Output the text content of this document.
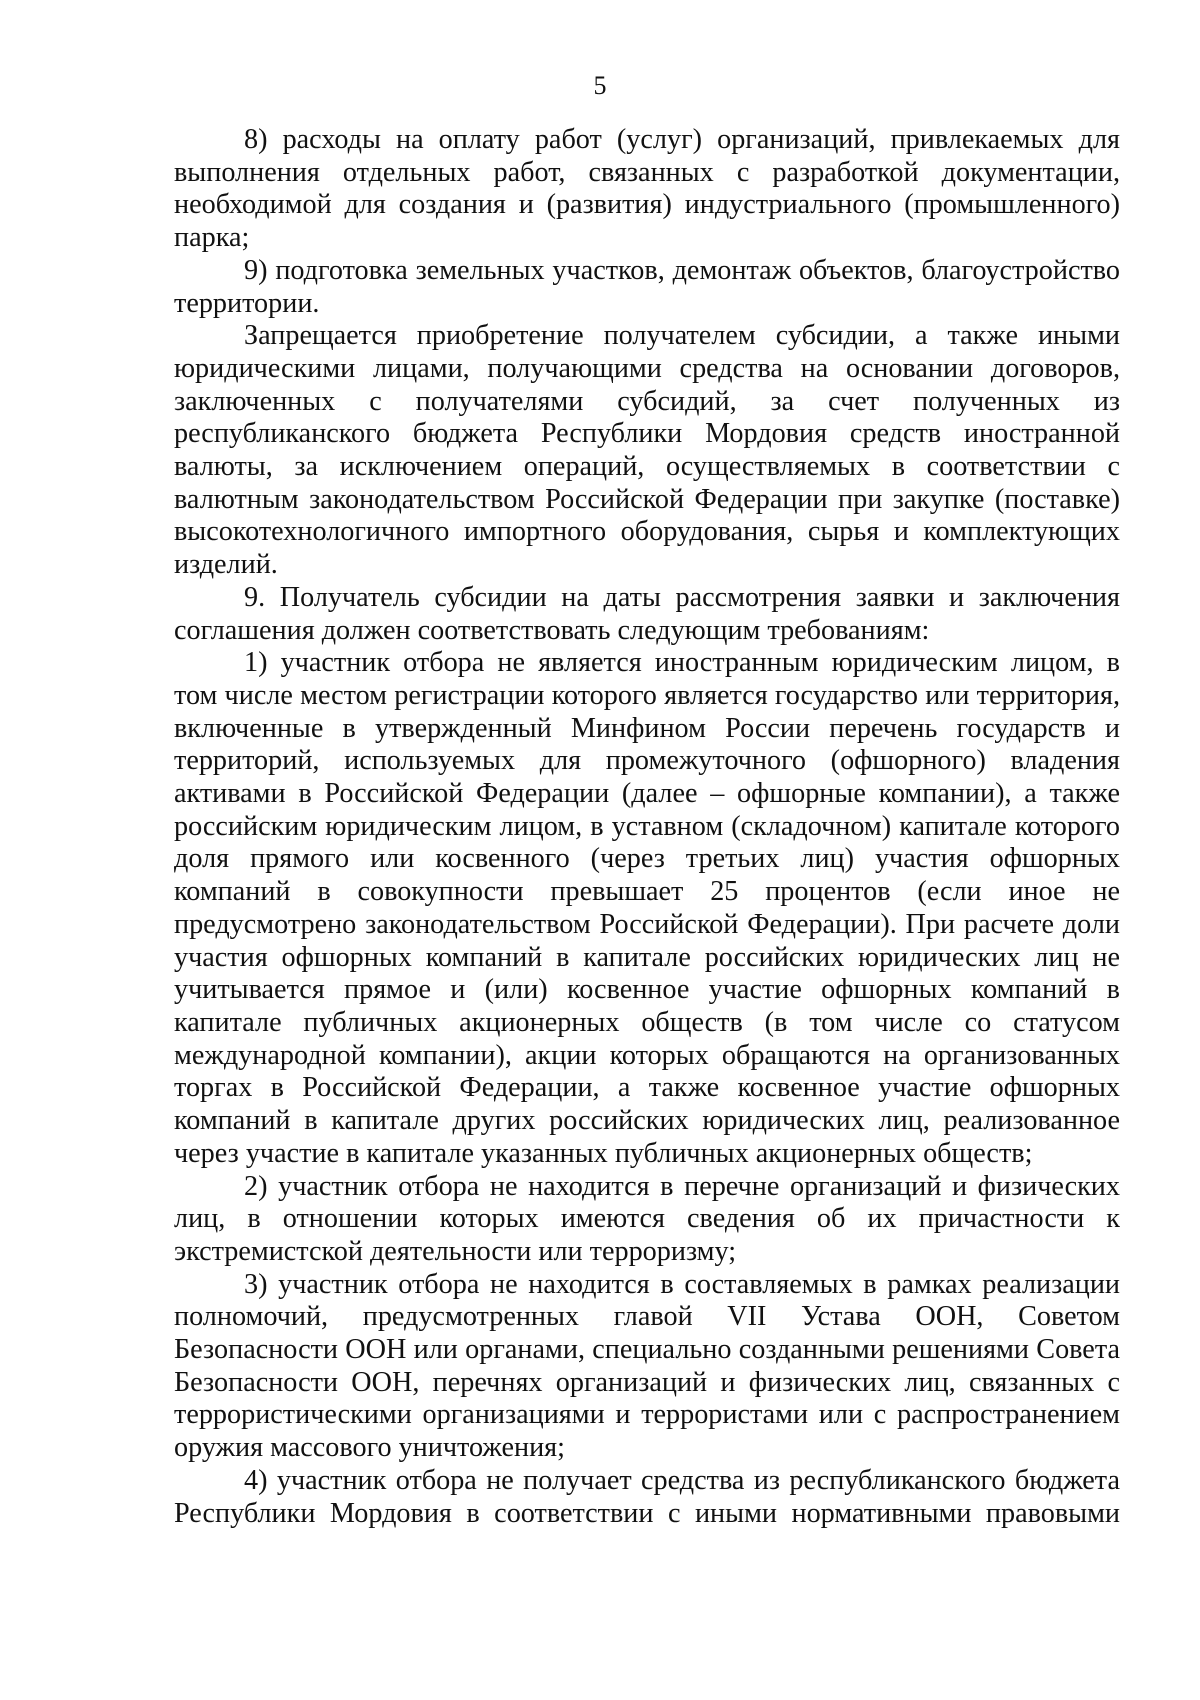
5

8) расходы на оплату работ (услуг) организаций, привлекаемых для выполнения отдельных работ, связанных с разработкой документации, необходимой для создания и (развития) индустриального (промышленного) парка;

9) подготовка земельных участков, демонтаж объектов, благоустройство территории.

Запрещается приобретение получателем субсидии, а также иными юридическими лицами, получающими средства на основании договоров, заключенных с получателями субсидий, за счет полученных из республиканского бюджета Республики Мордовия средств иностранной валюты, за исключением операций, осуществляемых в соответствии с валютным законодательством Российской Федерации при закупке (поставке) высокотехнологичного импортного оборудования, сырья и комплектующих изделий.

9. Получатель субсидии на даты рассмотрения заявки и заключения соглашения должен соответствовать следующим требованиям:

1) участник отбора не является иностранным юридическим лицом, в том числе местом регистрации которого является государство или территория, включенные в утвержденный Минфином России перечень государств и территорий, используемых для промежуточного (офшорного) владения активами в Российской Федерации (далее – офшорные компании), а также российским юридическим лицом, в уставном (складочном) капитале которого доля прямого или косвенного (через третьих лиц) участия офшорных компаний в совокупности превышает 25 процентов (если иное не предусмотрено законодательством Российской Федерации). При расчете доли участия офшорных компаний в капитале российских юридических лиц не учитывается прямое и (или) косвенное участие офшорных компаний в капитале публичных акционерных обществ (в том числе со статусом международной компании), акции которых обращаются на организованных торгах в Российской Федерации, а также косвенное участие офшорных компаний в капитале других российских юридических лиц, реализованное через участие в капитале указанных публичных акционерных обществ;

2) участник отбора не находится в перечне организаций и физических лиц, в отношении которых имеются сведения об их причастности к экстремистской деятельности или терроризму;

3) участник отбора не находится в составляемых в рамках реализации полномочий, предусмотренных главой VII Устава ООН, Советом Безопасности ООН или органами, специально созданными решениями Совета Безопасности ООН, перечнях организаций и физических лиц, связанных с террористическими организациями и террористами или с распространением оружия массового уничтожения;

4) участник отбора не получает средства из республиканского бюджета Республики Мордовия в соответствии с иными нормативными правовыми
